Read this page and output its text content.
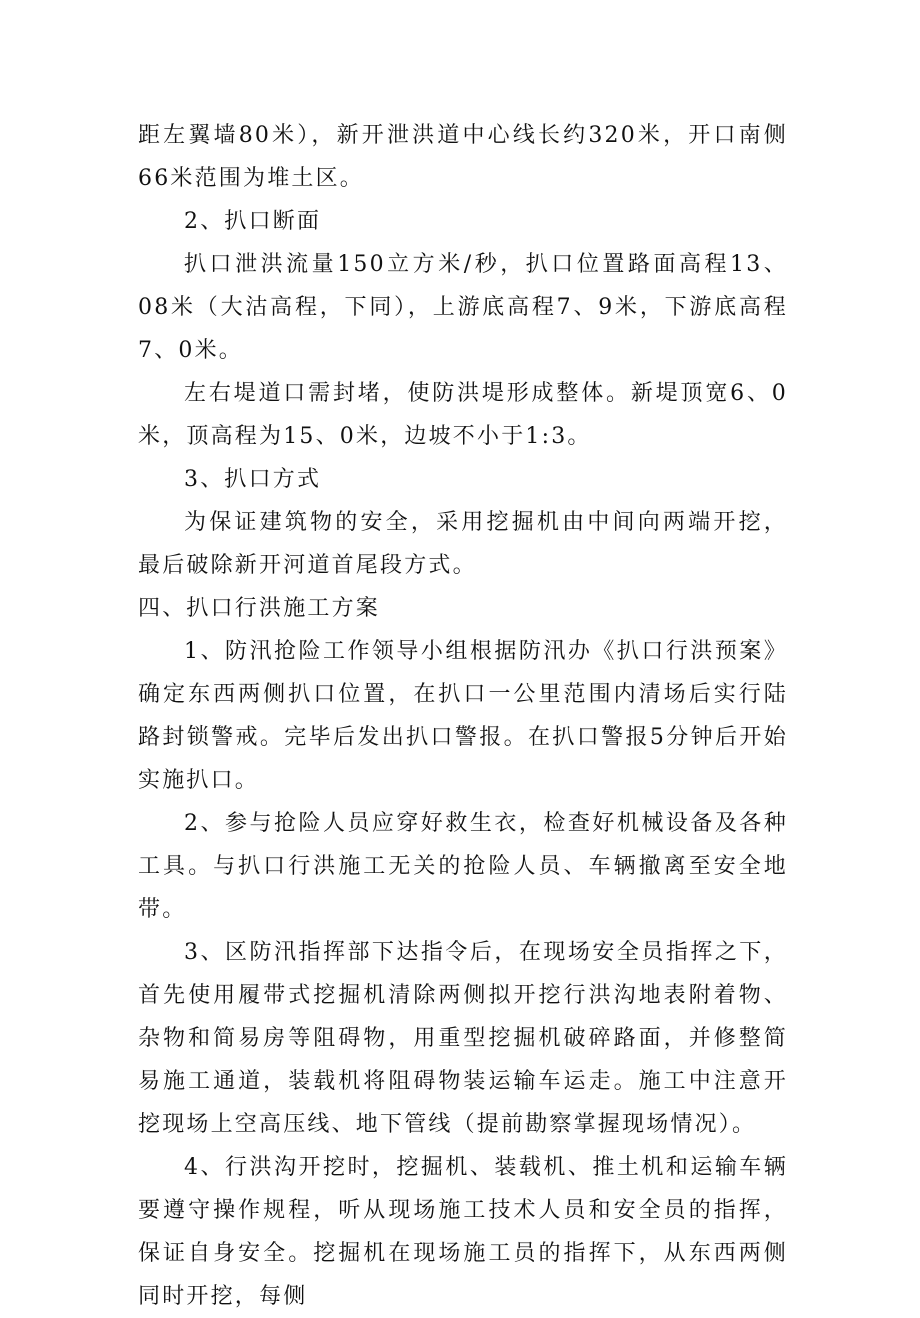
距左翼墙80米），新开泄洪道中心线长约320米，开口南侧66米范围为堆土区。

2、扒口断面

扒口泄洪流量150立方米/秒，扒口位置路面高程13、08米（大沽高程，下同），上游底高程7、9米，下游底高程7、0米。

左右堤道口需封堵，使防洪堤形成整体。新堤顶宽6、0米，顶高程为15、0米，边坡不小于1:3。

3、扒口方式

为保证建筑物的安全，采用挖掘机由中间向两端开挖，最后破除新开河道首尾段方式。

四、扒口行洪施工方案

1、防汛抢险工作领导小组根据防汛办《扒口行洪预案》确定东西两侧扒口位置，在扒口一公里范围内清场后实行陆路封锁警戒。完毕后发出扒口警报。在扒口警报5分钟后开始实施扒口。

2、参与抢险人员应穿好救生衣，检查好机械设备及各种工具。与扒口行洪施工无关的抢险人员、车辆撤离至安全地带。

3、区防汛指挥部下达指令后，在现场安全员指挥之下，首先使用履带式挖掘机清除两侧拟开挖行洪沟地表附着物、杂物和简易房等阻碍物，用重型挖掘机破碎路面，并修整简易施工通道，装载机将阻碍物装运输车运走。施工中注意开挖现场上空高压线、地下管线（提前勘察掌握现场情况）。

4、行洪沟开挖时，挖掘机、装载机、推土机和运输车辆要遵守操作规程，听从现场施工技术人员和安全员的指挥，保证自身安全。挖掘机在现场施工员的指挥下，从东西两侧同时开挖，每侧
